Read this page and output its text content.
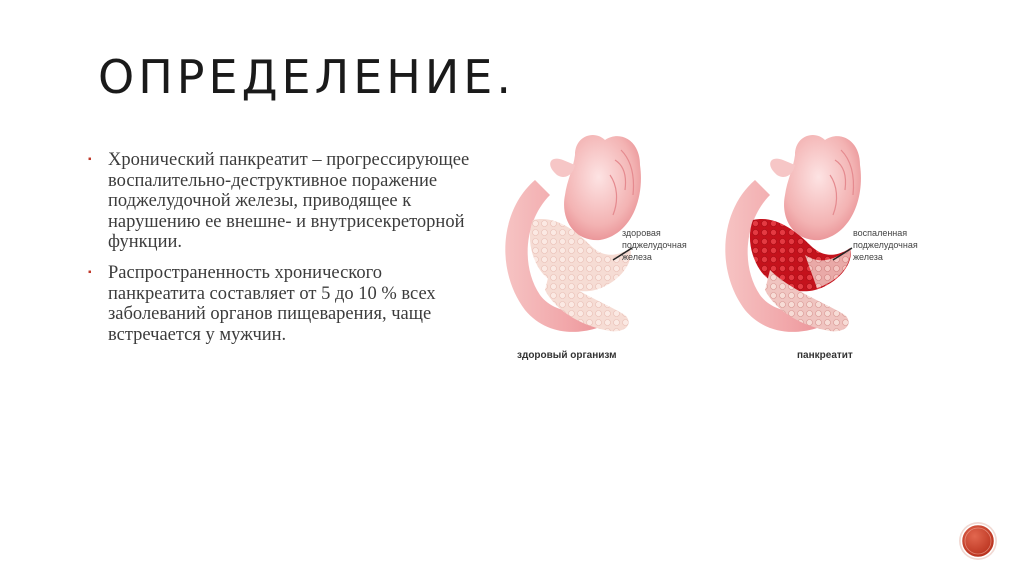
ОПРЕДЕЛЕНИЕ.
▪ Хронический панкреатит – прогрессирующее воспалительно-деструктивное поражение поджелудочной железы, приводящее к нарушению ее внешне- и внутрисекреторной функции.
▪ Распространенность хронического панкреатита составляет от 5 до 10 % всех заболеваний органов пищеварения, чаще встречается у мужчин.
здоровая
поджелудочная
железа
здоровый организм
воспаленная
поджелудочная
железа
панкреатит
